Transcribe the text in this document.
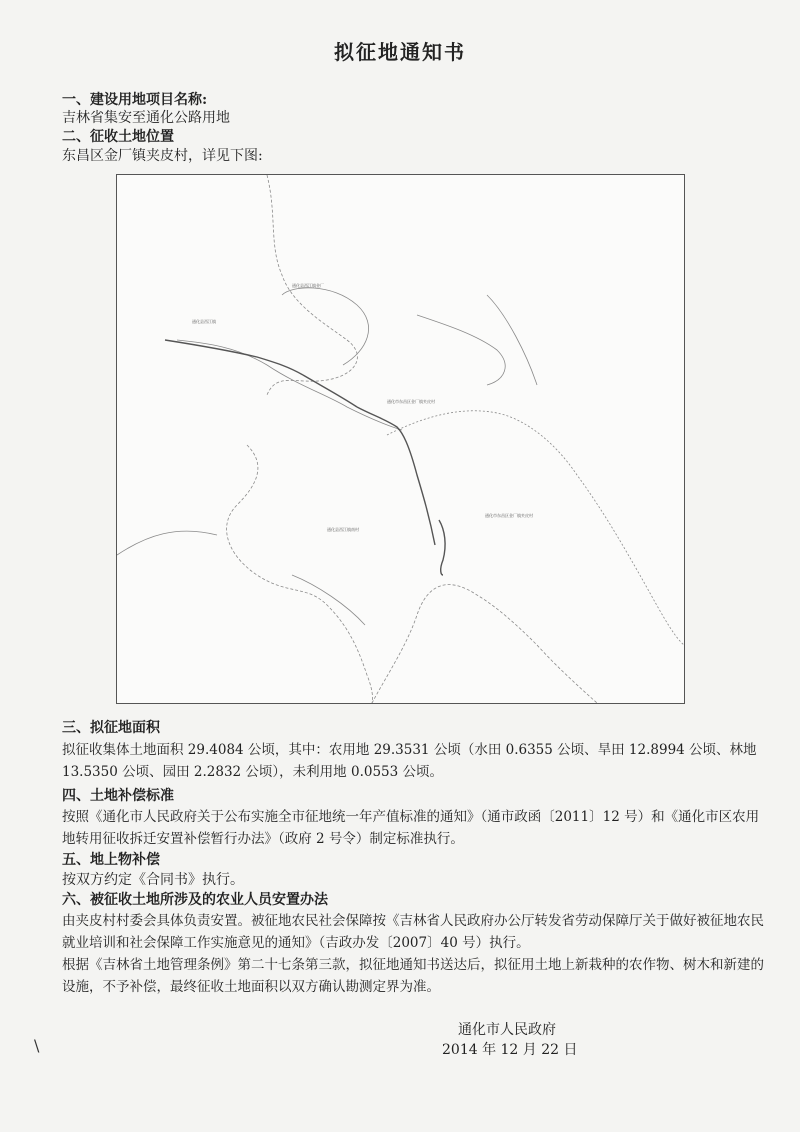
拟征地通知书
一、建设用地项目名称:
吉林省集安至通化公路用地
二、征收土地位置
东昌区金厂镇夹皮村，详见下图:
通化县西江镇金厂
通化县西江镇
通化市东昌区金厂镇夹皮村
通化市东昌区金厂镇夹皮村
通化县西江镇南村
三、拟征地面积
拟征收集体土地面积 29.4084 公顷，其中：农用地 29.3531 公顷（水田 0.6355 公顷、旱田 12.8994 公顷、林地 13.5350 公顷、园田 2.2832 公顷），未利用地 0.0553 公顷。
四、土地补偿标准
按照《通化市人民政府关于公布实施全市征地统一年产值标准的通知》（通市政函〔2011〕12 号）和《通化市区农用地转用征收拆迁安置补偿暂行办法》（政府 2 号令）制定标准执行。
五、地上物补偿
按双方约定《合同书》执行。
六、被征收土地所涉及的农业人员安置办法
由夹皮村村委会具体负责安置。被征地农民社会保障按《吉林省人民政府办公厅转发省劳动保障厅关于做好被征地农民就业培训和社会保障工作实施意见的通知》（吉政办发〔2007〕40 号）执行。
根据《吉林省土地管理条例》第二十七条第三款，拟征地通知书送达后，拟征用土地上新栽种的农作物、树木和新建的设施，不予补偿，最终征收土地面积以双方确认勘测定界为准。
通化市人民政府
2014 年 12 月 22 日
\
